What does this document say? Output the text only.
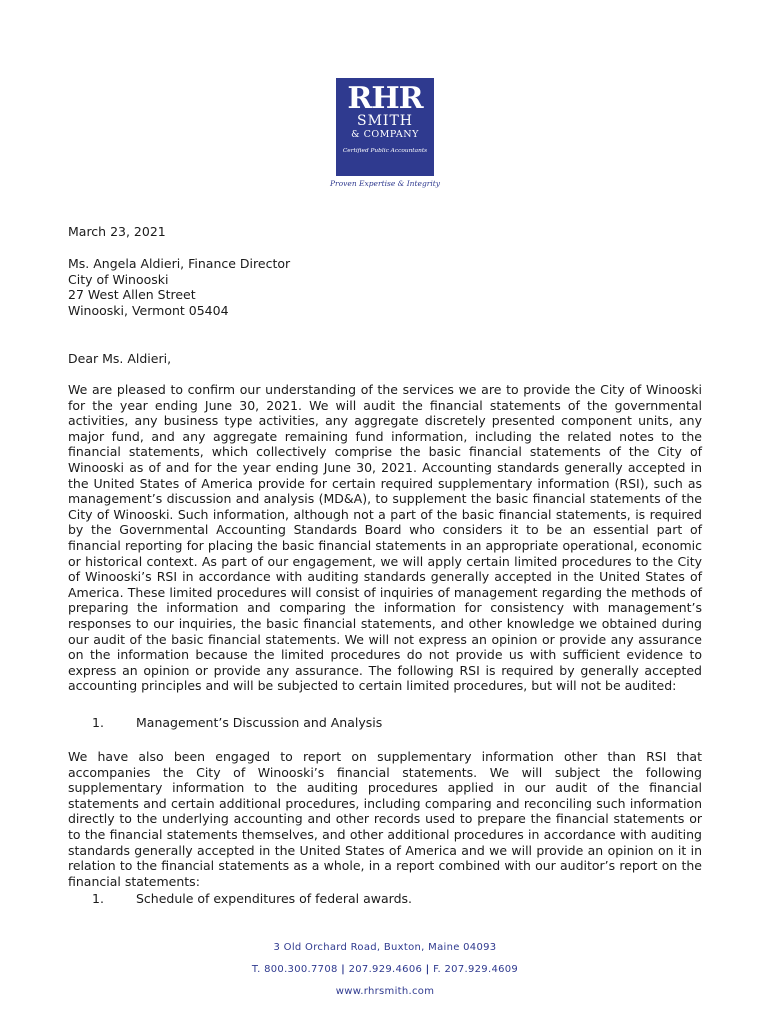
RHR
SMITH
& COMPANY
Certified Public Accountants
Proven Expertise & Integrity

March 23, 2021

Ms. Angela Aldieri, Finance Director
City of Winooski
27 West Allen Street
Winooski, Vermont 05404

Dear Ms. Aldieri,

We are pleased to confirm our understanding of the services we are to provide the City of Winooski for the year ending June 30, 2021. We will audit the financial statements of the governmental activities, any business type activities, any aggregate discretely presented component units, any major fund, and any aggregate remaining fund information, including the related notes to the financial statements, which collectively comprise the basic financial statements of the City of Winooski as of and for the year ending June 30, 2021. Accounting standards generally accepted in the United States of America provide for certain required supplementary information (RSI), such as management’s discussion and analysis (MD&A), to supplement the basic financial statements of the City of Winooski. Such information, although not a part of the basic financial statements, is required by the Governmental Accounting Standards Board who considers it to be an essential part of financial reporting for placing the basic financial statements in an appropriate operational, economic or historical context. As part of our engagement, we will apply certain limited procedures to the City of Winooski’s RSI in accordance with auditing standards generally accepted in the United States of America. These limited procedures will consist of inquiries of management regarding the methods of preparing the information and comparing the information for consistency with management’s responses to our inquiries, the basic financial statements, and other knowledge we obtained during our audit of the basic financial statements. We will not express an opinion or provide any assurance on the information because the limited procedures do not provide us with sufficient evidence to express an opinion or provide any assurance. The following RSI is required by generally accepted accounting principles and will be subjected to certain limited procedures, but will not be audited:

1.	Management’s Discussion and Analysis

We have also been engaged to report on supplementary information other than RSI that accompanies the City of Winooski’s financial statements. We will subject the following supplementary information to the auditing procedures applied in our audit of the financial statements and certain additional procedures, including comparing and reconciling such information directly to the underlying accounting and other records used to prepare the financial statements or to the financial statements themselves, and other additional procedures in accordance with auditing standards generally accepted in the United States of America and we will provide an opinion on it in relation to the financial statements as a whole, in a report combined with our auditor’s report on the financial statements:

1.	Schedule of expenditures of federal awards.
3 Old Orchard Road, Buxton, Maine 04093
T. 800.300.7708 | 207.929.4606 | F. 207.929.4609
www.rhrsmith.com
